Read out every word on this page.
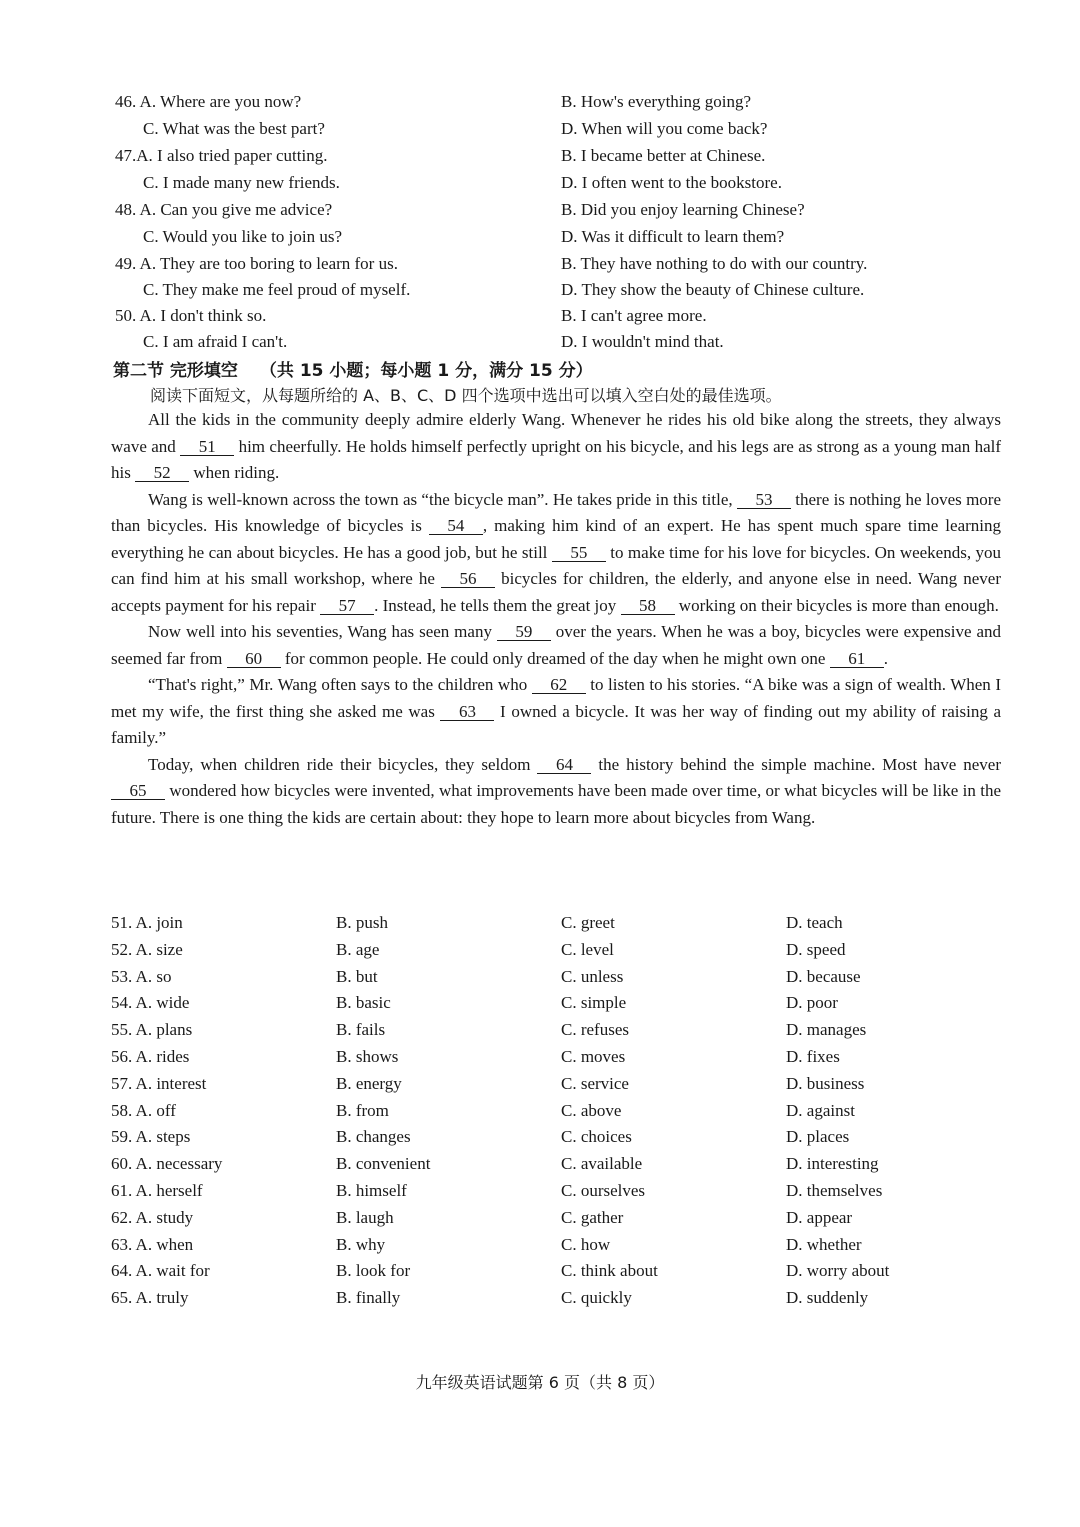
46. A. Where are you now?	B. How's everything going?
C. What was the best part?	D. When will you come back?
47.A. I also tried paper cutting.	B. I became better at Chinese.
C. I made many new friends.	D. I often went to the bookstore.
48. A. Can you give me advice?	B. Did you enjoy learning Chinese?
C. Would you like to join us?	D. Was it difficult to learn them?
49. A. They are too boring to learn for us.	B. They have nothing to do with our country.
C. They make me feel proud of myself.	D. They show the beauty of Chinese culture.
50. A. I don't think so.	B. I can't agree more.
C. I am afraid I can't.	D. I wouldn't mind that.
第二节 完形填空 （共 15 小题；每小题 1 分，满分 15 分）
阅读下面短文，从每题所给的 A、B、C、D 四个选项中选出可以填入空白处的最佳选项。

All the kids in the community deeply admire elderly Wang. Whenever he rides his old bike along the streets, they always wave and 51 him cheerfully. He holds himself perfectly upright on his bicycle, and his legs are as strong as a young man half his 52 when riding.

Wang is well-known across the town as “the bicycle man”. He takes pride in this title, 53 there is nothing he loves more than bicycles. His knowledge of bicycles is 54 , making him kind of an expert. He has spent much spare time learning everything he can about bicycles. He has a good job, but he still 55 to make time for his love for bicycles. On weekends, you can find him at his small workshop, where he 56 bicycles for children, the elderly, and anyone else in need. Wang never accepts payment for his repair 57 . Instead, he tells them the great joy 58 working on their bicycles is more than enough.

Now well into his seventies, Wang has seen many 59 over the years. When he was a boy, bicycles were expensive and seemed far from 60 for common people. He could only dreamed of the day when he might own one 61 .

“That's right,” Mr. Wang often says to the children who 62 to listen to his stories. “A bike was a sign of wealth. When I met my wife, the first thing she asked me was 63 I owned a bicycle. It was her way of finding out my ability of raising a family.”

Today, when children ride their bicycles, they seldom 64 the history behind the simple machine. Most have never 65 wondered how bicycles were invented, what improvements have been made over time, or what bicycles will be like in the future. There is one thing the kids are certain about: they hope to learn more about bicycles from Wang.

51. A. join	B. push	C. greet	D. teach
52. A. size	B. age	C. level	D. speed
53. A. so	B. but	C. unless	D. because
54. A. wide	B. basic	C. simple	D. poor
55. A. plans	B. fails	C. refuses	D. manages
56. A. rides	B. shows	C. moves	D. fixes
57. A. interest	B. energy	C. service	D. business
58. A. off	B. from	C. above	D. against
59. A. steps	B. changes	C. choices	D. places
60. A. necessary	B. convenient	C. available	D. interesting
61. A. herself	B. himself	C. ourselves	D. themselves
62. A. study	B. laugh	C. gather	D. appear
63. A. when	B. why	C. how	D. whether
64. A. wait for	B. look for	C. think about	D. worry about
65. A. truly	B. finally	C. quickly	D. suddenly
九年级英语试题第 6 页（共 8 页）
